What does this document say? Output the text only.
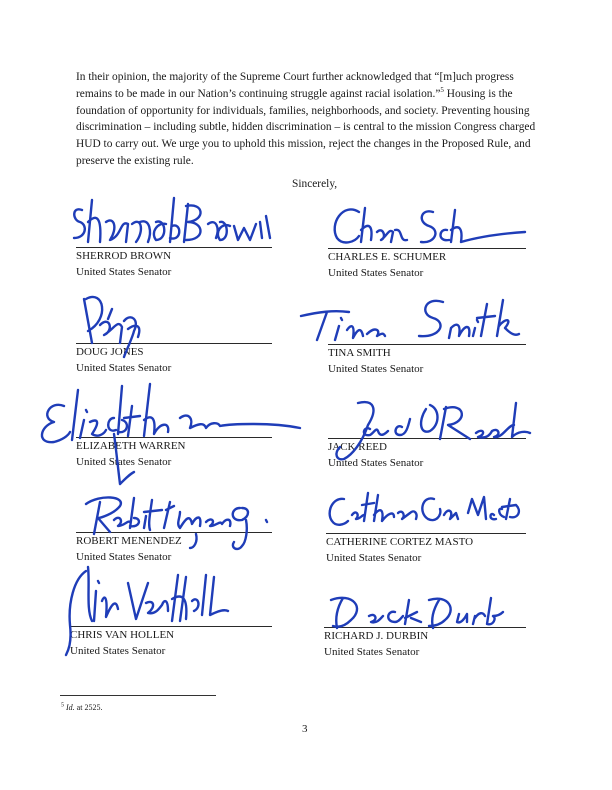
In their opinion, the majority of the Supreme Court further acknowledged that “[m]uch progress remains to be made in our Nation’s continuing struggle against racial isolation.”$^5$ Housing is the foundation of opportunity for individuals, families, neighborhoods, and society. Preventing housing discrimination – including subtle, hidden discrimination – is central to the mission Congress charged HUD to carry out. We urge you to uphold this mission, reject the changes in the Proposed Rule, and preserve the existing rule.

Sincerely,
SHERROD BROWN
United States Senator
CHARLES E. SCHUMER
United States Senator
DOUG JONES
United States Senator
TINA SMITH
United States Senator
ELIZABETH WARREN
United States Senator
JACK REED
United States Senator
ROBERT MENENDEZ
United States Senator
CATHERINE CORTEZ MASTO
United States Senator
CHRIS VAN HOLLEN
United States Senator
RICHARD J. DURBIN
United States Senator
$^5$ Id. at 2525.
3
